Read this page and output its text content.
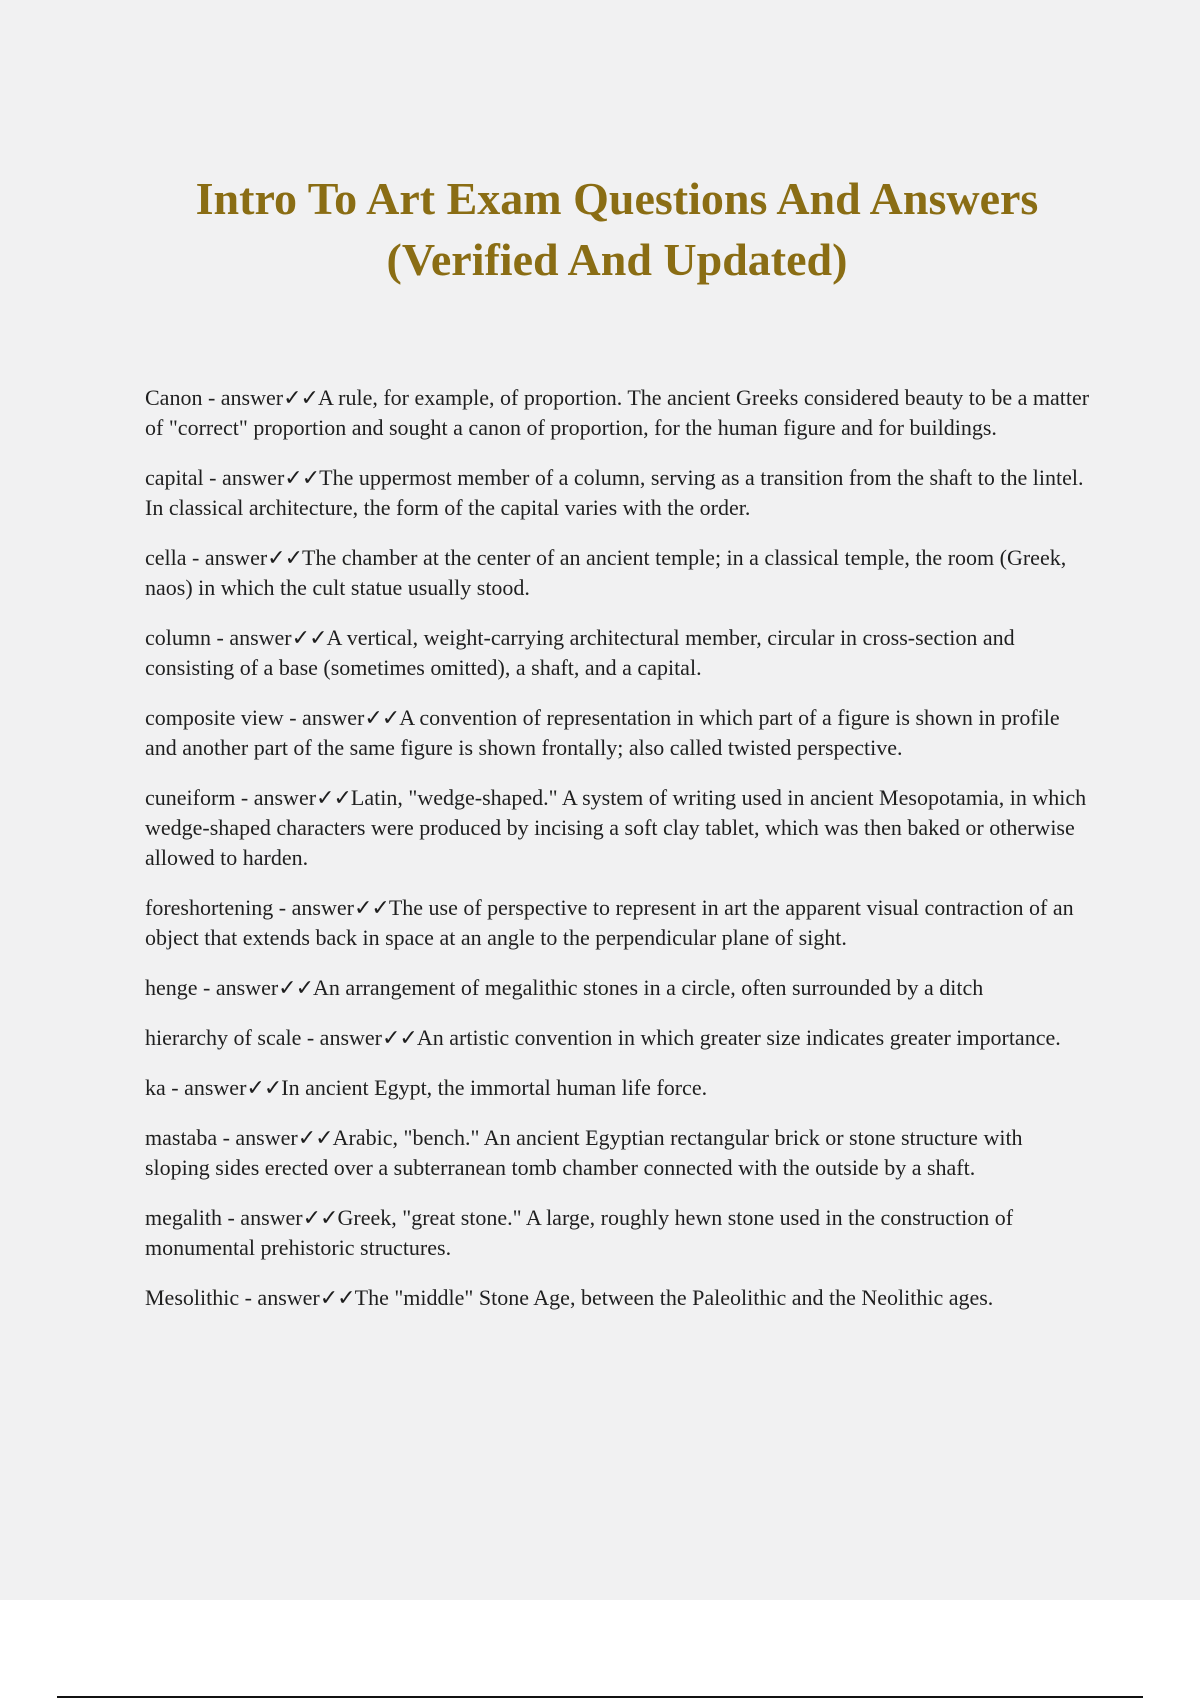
Intro To Art Exam Questions And Answers
(Verified And Updated)

Canon - answer✓✓A rule, for example, of proportion. The ancient Greeks considered beauty to be a matter of "correct" proportion and sought a canon of proportion, for the human figure and for buildings.

capital - answer✓✓The uppermost member of a column, serving as a transition from the shaft to the lintel. In classical architecture, the form of the capital varies with the order.

cella - answer✓✓The chamber at the center of an ancient temple; in a classical temple, the room (Greek, naos) in which the cult statue usually stood.

column - answer✓✓A vertical, weight-carrying architectural member, circular in cross-section and consisting of a base (sometimes omitted), a shaft, and a capital.

composite view - answer✓✓A convention of representation in which part of a figure is shown in profile and another part of the same figure is shown frontally; also called twisted perspective.

cuneiform - answer✓✓Latin, "wedge-shaped." A system of writing used in ancient Mesopotamia, in which wedge-shaped characters were produced by incising a soft clay tablet, which was then baked or otherwise allowed to harden.

foreshortening - answer✓✓The use of perspective to represent in art the apparent visual contraction of an object that extends back in space at an angle to the perpendicular plane of sight.

henge - answer✓✓An arrangement of megalithic stones in a circle, often surrounded by a ditch

hierarchy of scale - answer✓✓An artistic convention in which greater size indicates greater importance.

ka - answer✓✓In ancient Egypt, the immortal human life force.

mastaba - answer✓✓Arabic, "bench." An ancient Egyptian rectangular brick or stone structure with sloping sides erected over a subterranean tomb chamber connected with the outside by a shaft.

megalith - answer✓✓Greek, "great stone." A large, roughly hewn stone used in the construction of monumental prehistoric structures.

Mesolithic - answer✓✓The "middle" Stone Age, between the Paleolithic and the Neolithic ages.
